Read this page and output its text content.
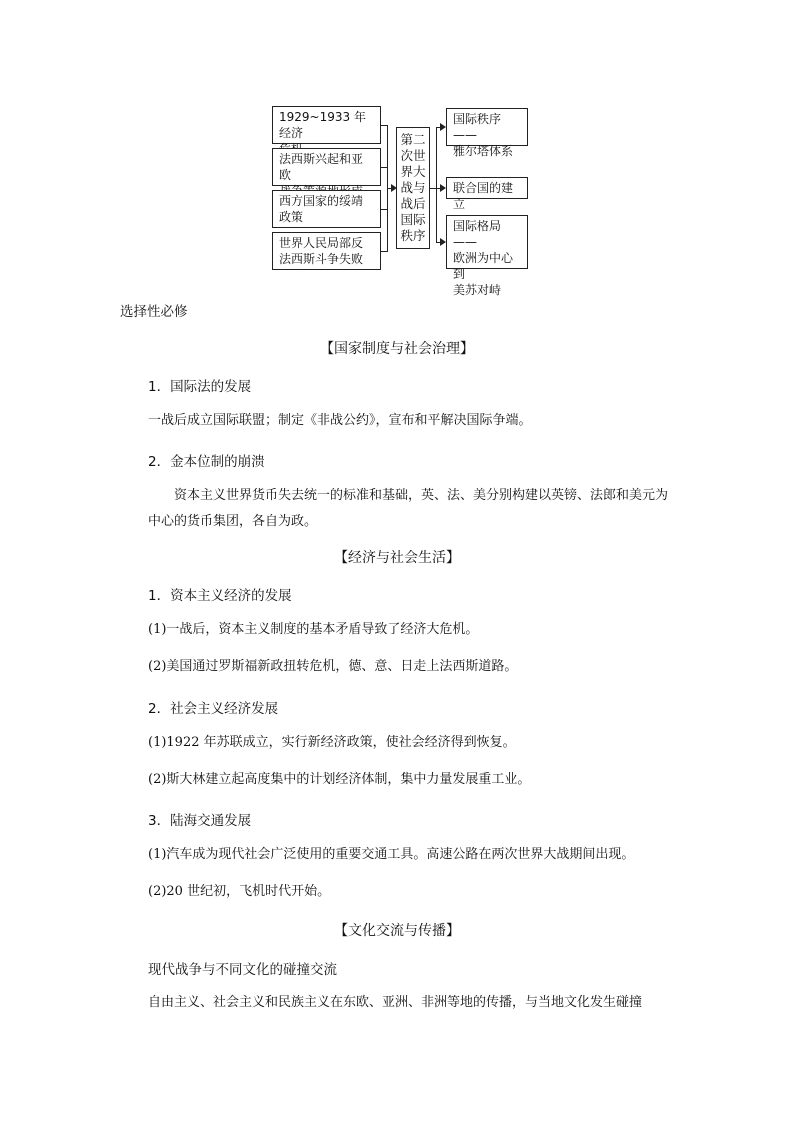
1929~1933 年经济
法西斯兴起和亚欧
西方国家的绥靖
政策
世界人民局部反
法西斯斗争失败
第二
次世
界大
战与
战后
国际
秩序
国际秩序——
雅尔塔体系
联合国的建立
国际格局——
欧洲为中心到
美苏对峙
选择性必修
【国家制度与社会治理】
1．国际法的发展
一战后成立国际联盟；制定《非战公约》，宣布和平解决国际争端。
2．金本位制的崩溃
资本主义世界货币失去统一的标准和基础，英、法、美分别构建以英镑、法郎和美元为中心的货币集团，各自为政。
【经济与社会生活】
1．资本主义经济的发展
(1)一战后，资本主义制度的基本矛盾导致了经济大危机。
(2)美国通过罗斯福新政扭转危机，德、意、日走上法西斯道路。
2．社会主义经济发展
(1)1922 年苏联成立，实行新经济政策，使社会经济得到恢复。
(2)斯大林建立起高度集中的计划经济体制，集中力量发展重工业。
3．陆海交通发展
(1)汽车成为现代社会广泛使用的重要交通工具。高速公路在两次世界大战期间出现。
(2)20 世纪初，飞机时代开始。
【文化交流与传播】
现代战争与不同文化的碰撞交流
自由主义、社会主义和民族主义在东欧、亚洲、非洲等地的传播，与当地文化发生碰撞
